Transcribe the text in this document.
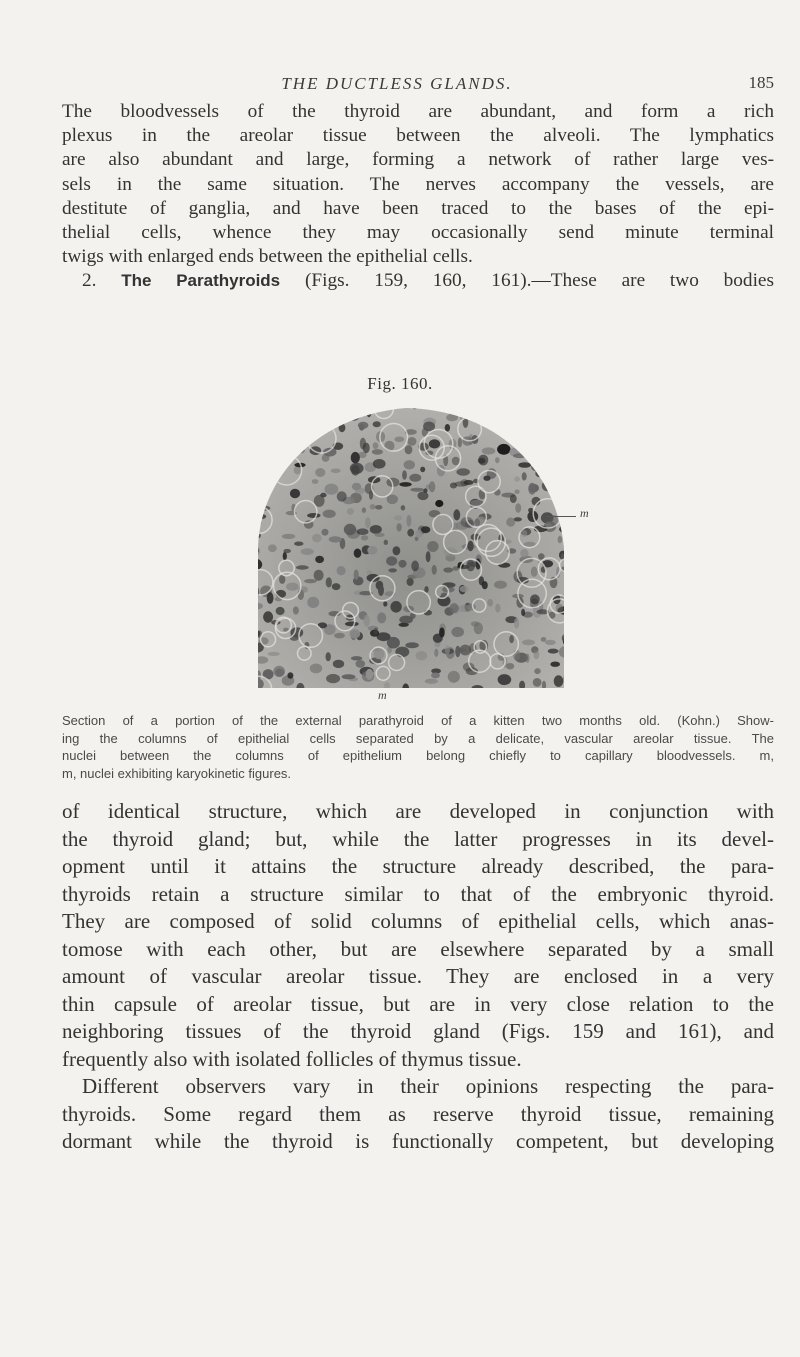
THE DUCTLESS GLANDS.	185
The bloodvessels of the thyroid are abundant, and form a rich
plexus in the areolar tissue between the alveoli. The lymphatics
are also abundant and large, forming a network of rather large ves-
sels in the same situation. The nerves accompany the vessels, are
destitute of ganglia, and have been traced to the bases of the epi-
thelial cells, whence they may occasionally send minute terminal
twigs with enlarged ends between the epithelial cells.
2. The Parathyroids (Figs. 159, 160, 161).—These are two bodies
Fig. 160.
m
m
Section of a portion of the external parathyroid of a kitten two months old. (Kohn.) Show-
ing the columns of epithelial cells separated by a delicate, vascular areolar tissue. The
nuclei between the columns of epithelium belong chiefly to capillary bloodvessels. m,
m, nuclei exhibiting karyokinetic figures.
of identical structure, which are developed in conjunction with
the thyroid gland; but, while the latter progresses in its devel-
opment until it attains the structure already described, the para-
thyroids retain a structure similar to that of the embryonic thyroid.
They are composed of solid columns of epithelial cells, which anas-
tomose with each other, but are elsewhere separated by a small
amount of vascular areolar tissue. They are enclosed in a very
thin capsule of areolar tissue, but are in very close relation to the
neighboring tissues of the thyroid gland (Figs. 159 and 161), and
frequently also with isolated follicles of thymus tissue.
Different observers vary in their opinions respecting the para-
thyroids. Some regard them as reserve thyroid tissue, remaining
dormant while the thyroid is functionally competent, but developing
